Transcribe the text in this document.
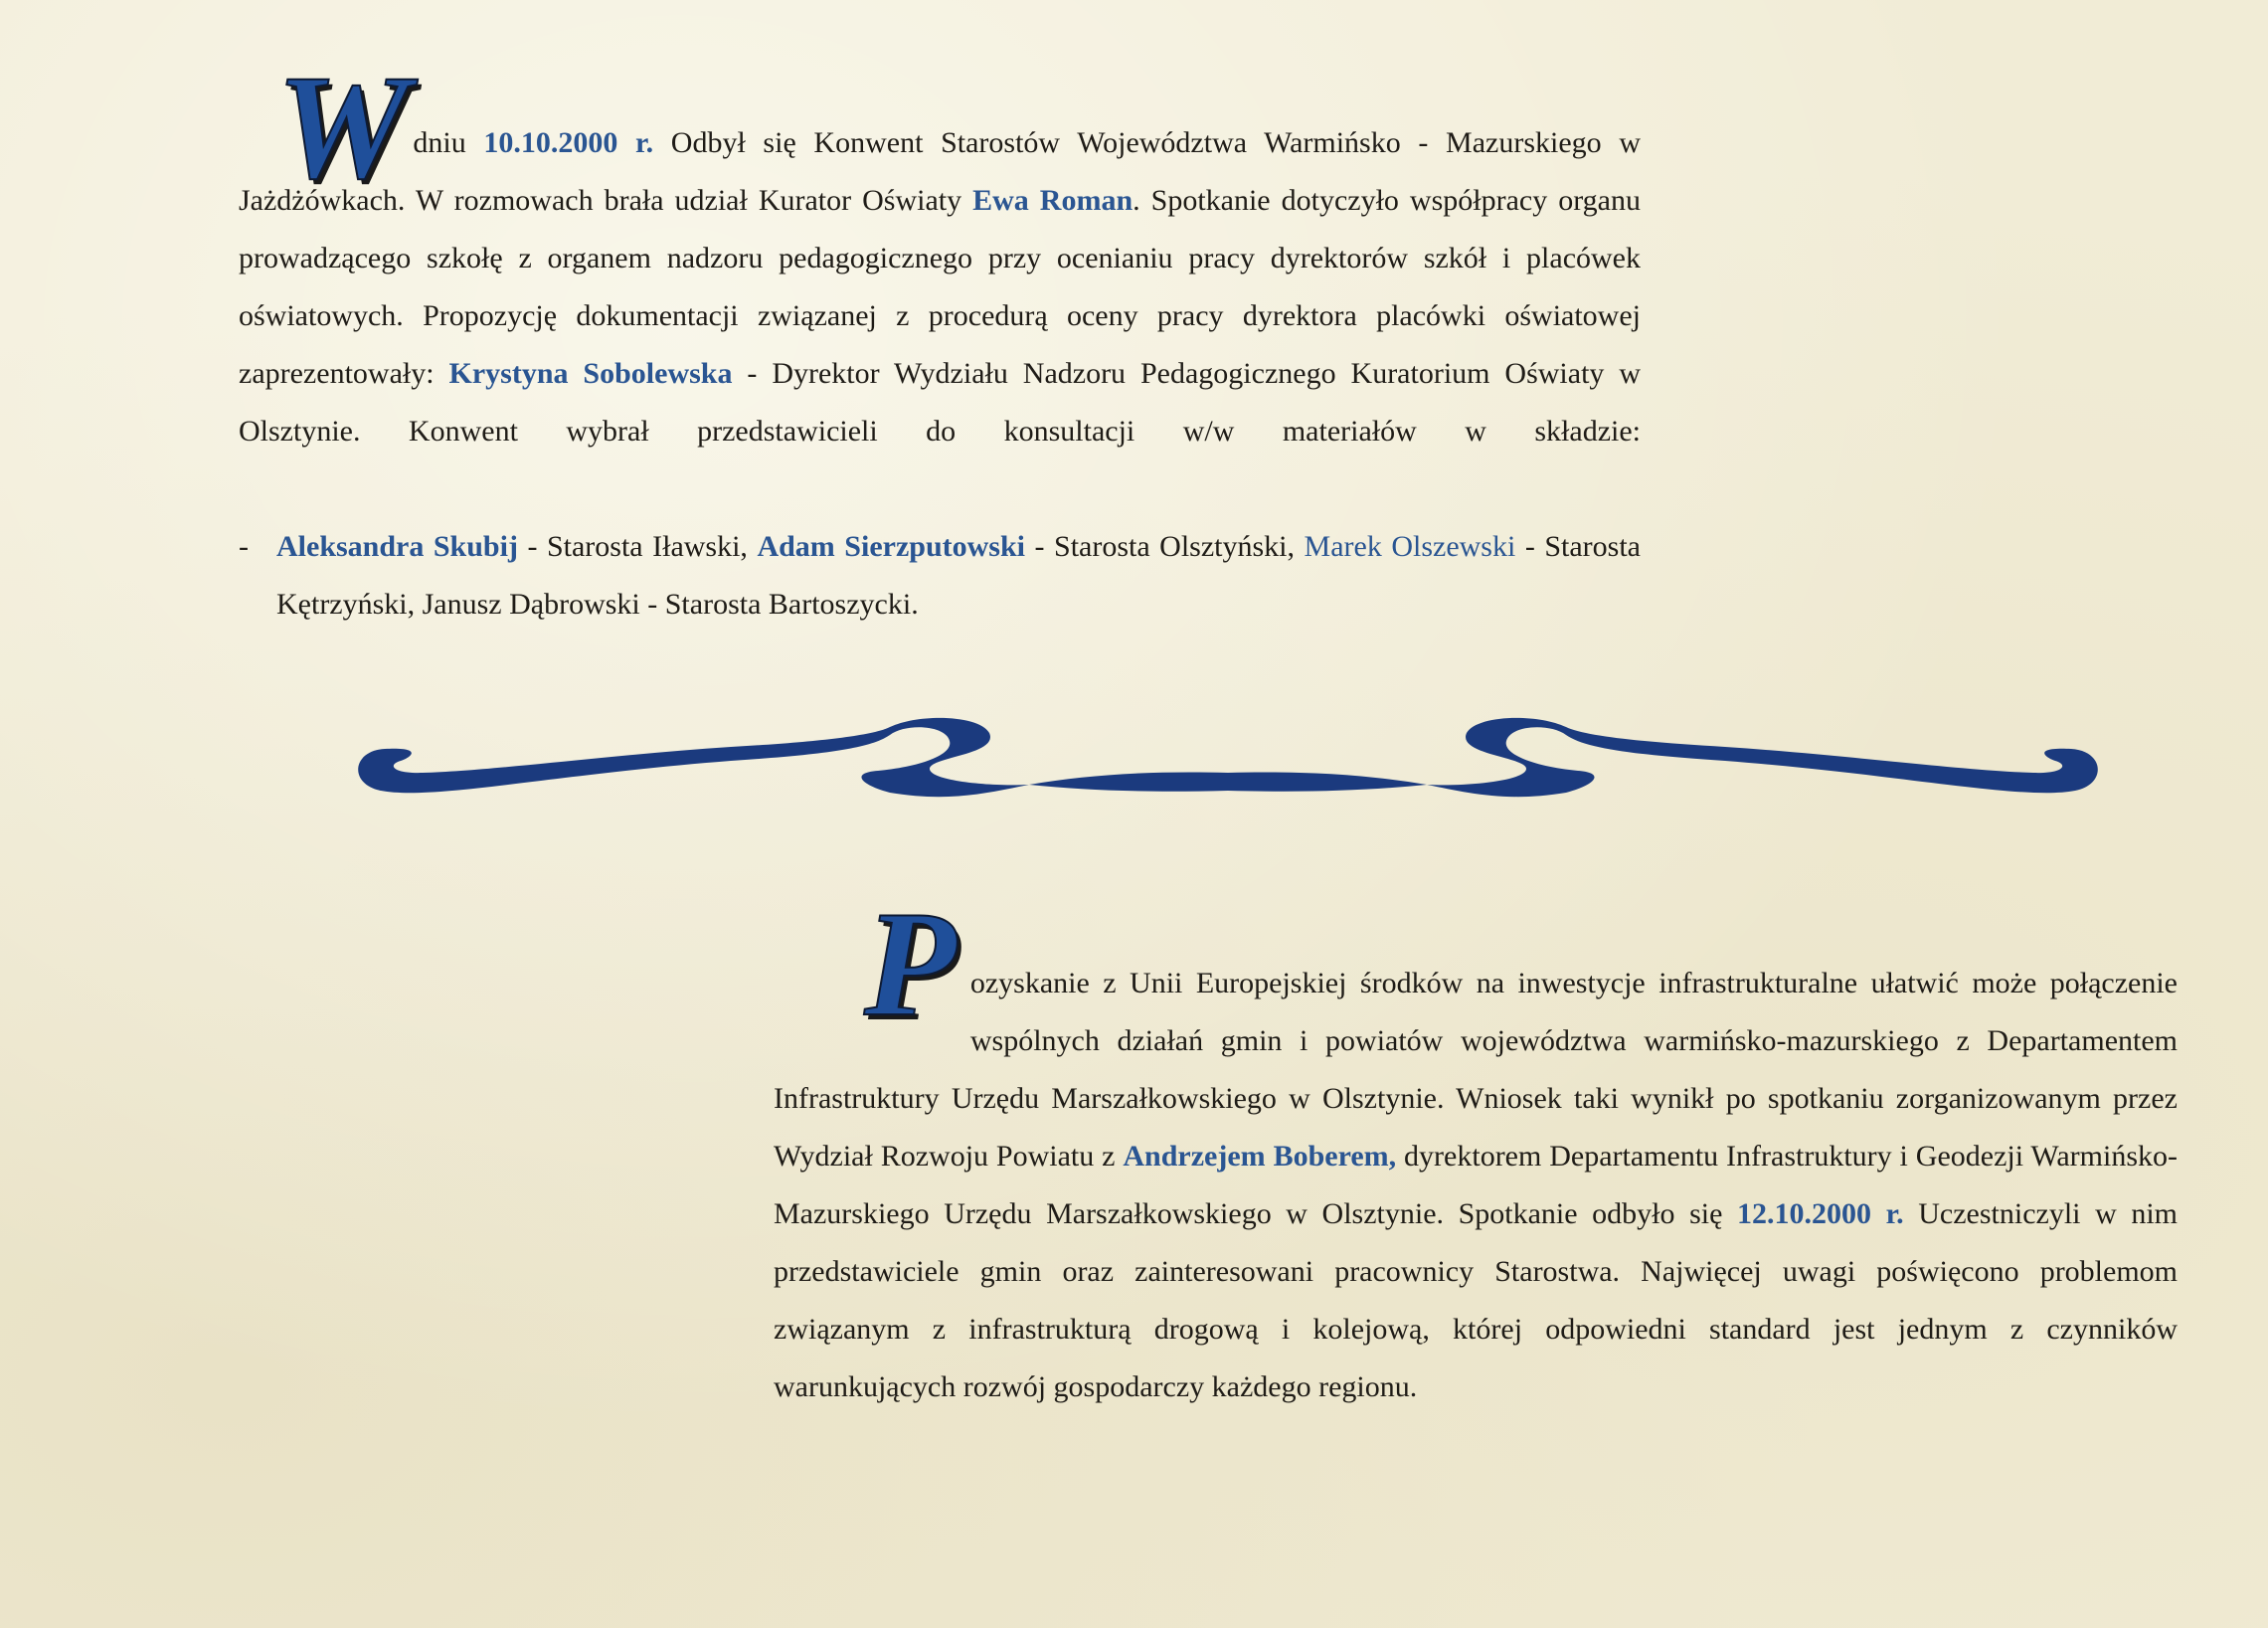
Wdniu 10.10.2000 r. Odbył się Konwent Starostów Województwa Warmińsko - Mazurskiego w Jażdżówkach. W rozmowach brała udział Kurator Oświaty Ewa Roman. Spotkanie dotyczyło współpracy organu prowadzącego szkołę z organem nadzoru pedagogicznego przy ocenianiu pracy dyrektorów szkół i placówek oświatowych. Propozycję dokumentacji związanej z procedurą oceny pracy dyrektora placówki oświatowej zaprezentowały: Krystyna Sobolewska - Dyrektor Wydziału Nadzoru Pedagogicznego Kuratorium Oświaty w Olsztynie. Konwent wybrał przedstawicieli do konsultacji w/w materiałów w składzie:

- Aleksandra Skubij - Starosta Iławski, Adam Sierzputowski - Starosta Olsztyński, Marek Olszewski - Starosta Kętrzyński, Janusz Dąbrowski - Starosta Bartoszycki.

Pozyskanie z Unii Europejskiej środków na inwestycje infrastrukturalne ułatwić może połączenie wspólnych działań gmin i powiatów województwa warmińsko-mazurskiego z Departamentem Infrastruktury Urzędu Marszałkowskiego w Olsztynie. Wniosek taki wynikł po spotkaniu zorganizowanym przez Wydział Rozwoju Powiatu z Andrzejem Boberem, dyrektorem Departamentu Infrastruktury i Geodezji Warmińsko-Mazurskiego Urzędu Marszałkowskiego w Olsztynie. Spotkanie odbyło się 12.10.2000 r. Uczestniczyli w nim przedstawiciele gmin oraz zainteresowani pracownicy Starostwa. Najwięcej uwagi poświęcono problemom związanym z infrastrukturą drogową i kolejową, której odpowiedni standard jest jednym z czynników warunkujących rozwój gospodarczy każdego regionu.
